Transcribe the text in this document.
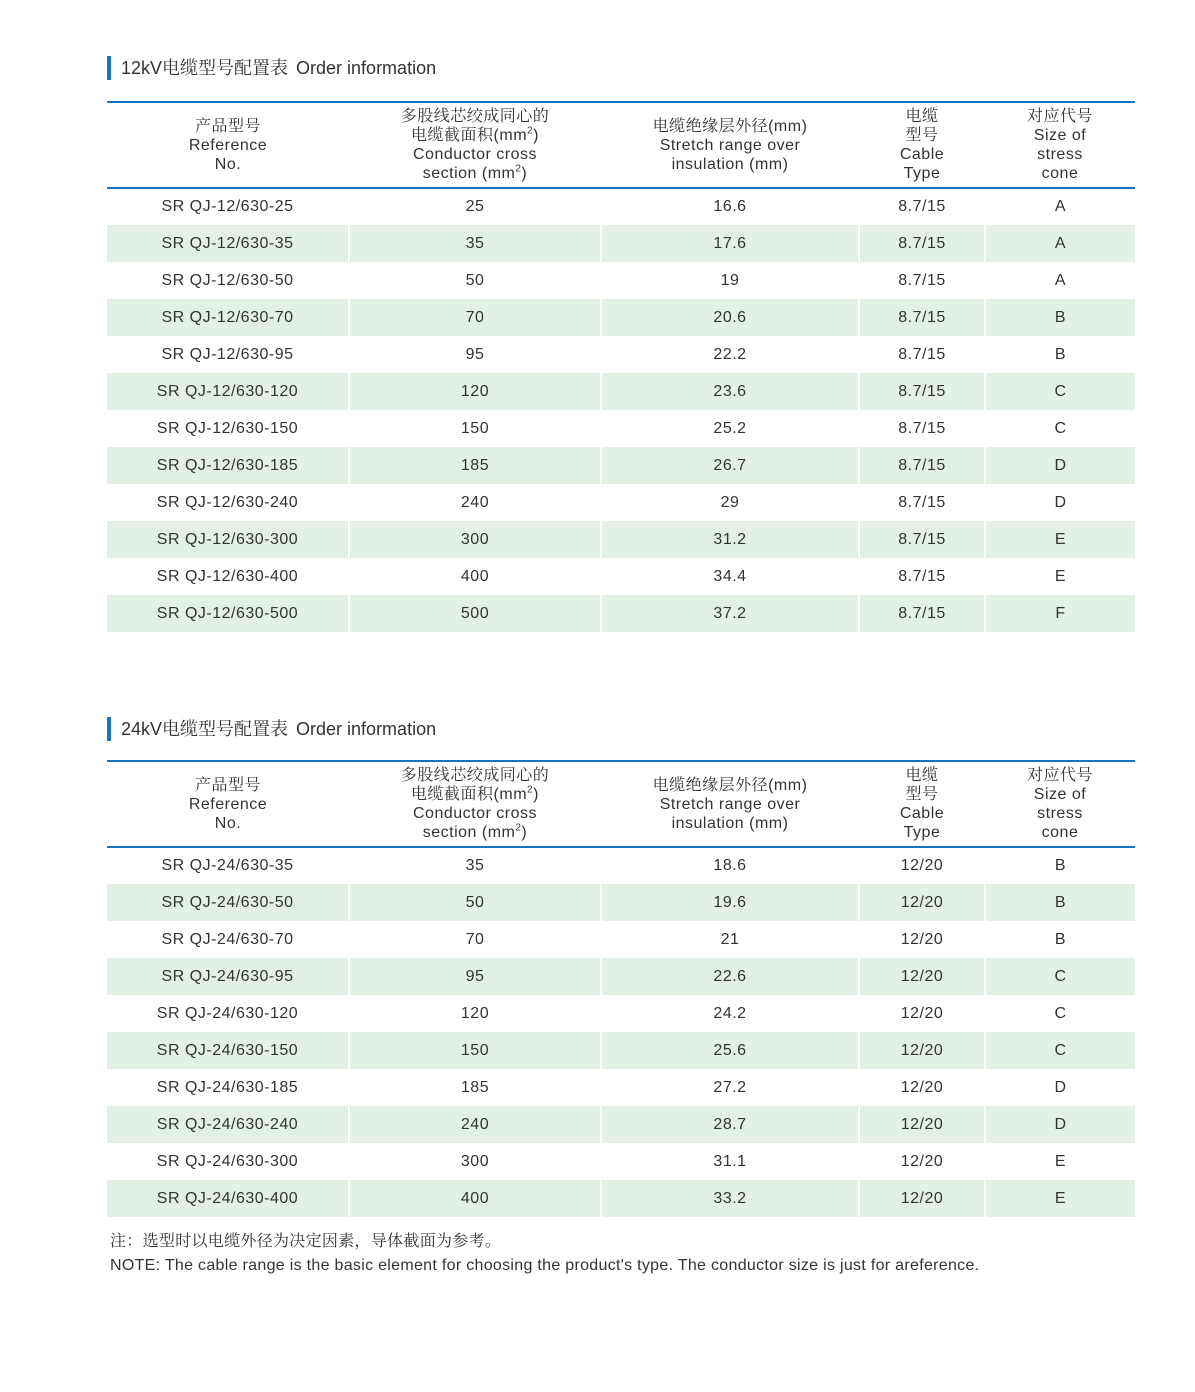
12kV电缆型号配置表 Order information
产品型号
Reference
No.	多股线芯绞成同心的
电缆截面积$(mm^2)$
Conductor cross
section $(mm^2)$	电缆绝缘层外径(mm)
Stretch range over
insulation (mm)	电缆
型号
Cable
Type	对应代号
Size of
stress
cone

SR QJ-12/630-25	25	16.6	8.7/15	A
SR QJ-12/630-35	35	17.6	8.7/15	A
SR QJ-12/630-50	50	19	8.7/15	A
SR QJ-12/630-70	70	20.6	8.7/15	B
SR QJ-12/630-95	95	22.2	8.7/15	B
SR QJ-12/630-120	120	23.6	8.7/15	C
SR QJ-12/630-150	150	25.2	8.7/15	C
SR QJ-12/630-185	185	26.7	8.7/15	D
SR QJ-12/630-240	240	29	8.7/15	D
SR QJ-12/630-300	300	31.2	8.7/15	E
SR QJ-12/630-400	400	34.4	8.7/15	E
SR QJ-12/630-500	500	37.2	8.7/15	F
24kV电缆型号配置表 Order information
产品型号
Reference
No.	多股线芯绞成同心的
电缆截面积$(mm^2)$
Conductor cross
section $(mm^2)$	电缆绝缘层外径(mm)
Stretch range over
insulation (mm)	电缆
型号
Cable
Type	对应代号
Size of
stress
cone

SR QJ-24/630-35	35	18.6	12/20	B
SR QJ-24/630-50	50	19.6	12/20	B
SR QJ-24/630-70	70	21	12/20	B
SR QJ-24/630-95	95	22.6	12/20	C
SR QJ-24/630-120	120	24.2	12/20	C
SR QJ-24/630-150	150	25.6	12/20	C
SR QJ-24/630-185	185	27.2	12/20	D
SR QJ-24/630-240	240	28.7	12/20	D
SR QJ-24/630-300	300	31.1	12/20	E
SR QJ-24/630-400	400	33.2	12/20	E
注：选型时以电缆外径为决定因素，导体截面为参考。
NOTE: The cable range is the basic element for choosing the product's type. The conductor size is just for areference.
